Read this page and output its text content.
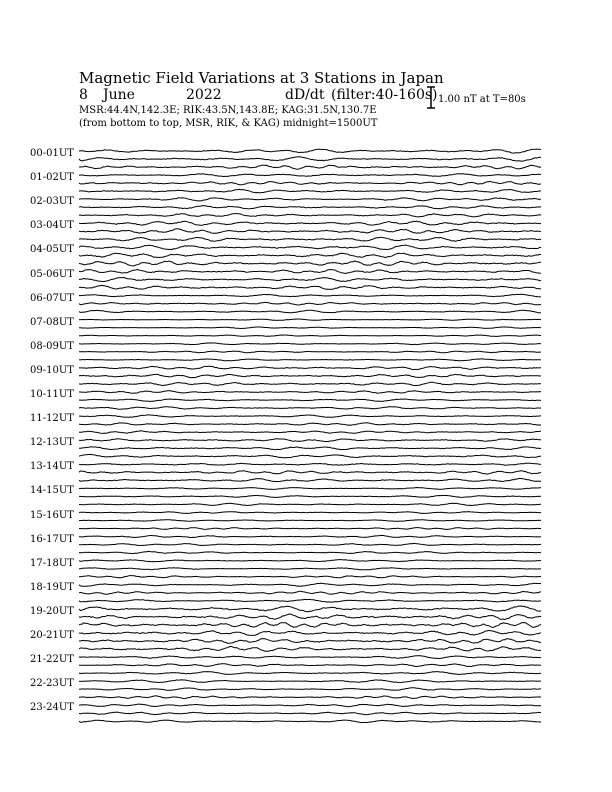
Magnetic Field Variations at 3 Stations in Japan
8 June	2022	dD/dt (filter:40-160s)
MSR:44.4N,142.3E; RIK:43.5N,143.8E; KAG:31.5N,130.7E
(from bottom to top, MSR, RIK, & KAG) midnight=1500UT
1.00 nT at T=80s
00-01UT
01-02UT
02-03UT
03-04UT
04-05UT
05-06UT
06-07UT
07-08UT
08-09UT
09-10UT
10-11UT
11-12UT
12-13UT
13-14UT
14-15UT
15-16UT
16-17UT
17-18UT
18-19UT
19-20UT
20-21UT
21-22UT
22-23UT
23-24UT
